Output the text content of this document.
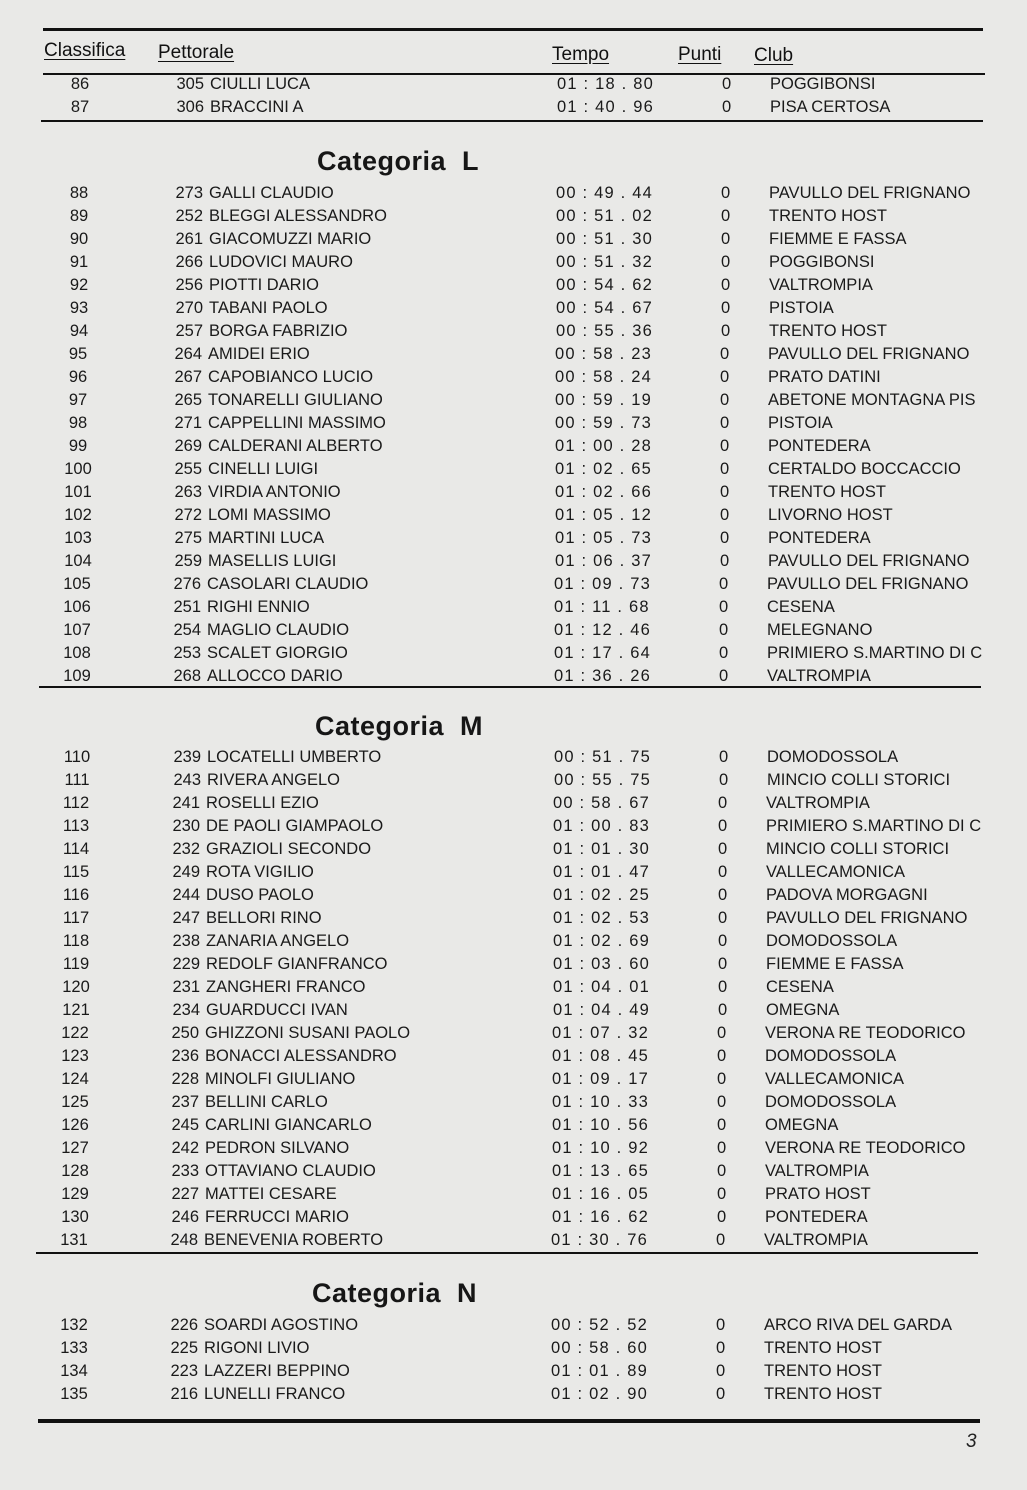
Classifica Pettorale	Tempo	Punti Club
86	305 CIULLI LUCA	01 : 18 . 80	0 POGGIBONSI
87	306 BRACCINI A	01 : 40 . 96	0 PISA CERTOSA
Categoria  L
88	273 GALLI CLAUDIO	00 : 49 . 44	0 PAVULLO DEL FRIGNANO
89	252 BLEGGI ALESSANDRO	00 : 51 . 02	0 TRENTO HOST
90	261 GIACOMUZZI MARIO	00 : 51 . 30	0 FIEMME E FASSA
91	266 LUDOVICI MAURO	00 : 51 . 32	0 POGGIBONSI
92	256 PIOTTI DARIO	00 : 54 . 62	0 VALTROMPIA
93	270 TABANI PAOLO	00 : 54 . 67	0 PISTOIA
94	257 BORGA FABRIZIO	00 : 55 . 36	0 TRENTO HOST
95	264 AMIDEI ERIO	00 : 58 . 23	0 PAVULLO DEL FRIGNANO
96	267 CAPOBIANCO LUCIO	00 : 58 . 24	0 PRATO DATINI
97	265 TONARELLI GIULIANO	00 : 59 . 19	0 ABETONE MONTAGNA PIS
98	271 CAPPELLINI MASSIMO	00 : 59 . 73	0 PISTOIA
99	269 CALDERANI ALBERTO	01 : 00 . 28	0 PONTEDERA
100	255 CINELLI LUIGI	01 : 02 . 65	0 CERTALDO BOCCACCIO
101	263 VIRDIA ANTONIO	01 : 02 . 66	0 TRENTO HOST
102	272 LOMI MASSIMO	01 : 05 . 12	0 LIVORNO HOST
103	275 MARTINI LUCA	01 : 05 . 73	0 PONTEDERA
104	259 MASELLIS LUIGI	01 : 06 . 37	0 PAVULLO DEL FRIGNANO
105	276 CASOLARI CLAUDIO	01 : 09 . 73	0 PAVULLO DEL FRIGNANO
106	251 RIGHI ENNIO	01 : 11 . 68	0 CESENA
107	254 MAGLIO CLAUDIO	01 : 12 . 46	0 MELEGNANO
108	253 SCALET GIORGIO	01 : 17 . 64	0 PRIMIERO S.MARTINO DI C
109	268 ALLOCCO DARIO	01 : 36 . 26	0 VALTROMPIA
Categoria  M
110	239 LOCATELLI UMBERTO	00 : 51 . 75	0 DOMODOSSOLA
111	243 RIVERA ANGELO	00 : 55 . 75	0 MINCIO COLLI STORICI
112	241 ROSELLI EZIO	00 : 58 . 67	0 VALTROMPIA
113	230 DE PAOLI GIAMPAOLO	01 : 00 . 83	0 PRIMIERO S.MARTINO DI C
114	232 GRAZIOLI SECONDO	01 : 01 . 30	0 MINCIO COLLI STORICI
115	249 ROTA VIGILIO	01 : 01 . 47	0 VALLECAMONICA
116	244 DUSO PAOLO	01 : 02 . 25	0 PADOVA MORGAGNI
117	247 BELLORI RINO	01 : 02 . 53	0 PAVULLO DEL FRIGNANO
118	238 ZANARIA ANGELO	01 : 02 . 69	0 DOMODOSSOLA
119	229 REDOLF GIANFRANCO	01 : 03 . 60	0 FIEMME E FASSA
120	231 ZANGHERI FRANCO	01 : 04 . 01	0 CESENA
121	234 GUARDUCCI IVAN	01 : 04 . 49	0 OMEGNA
122	250 GHIZZONI SUSANI PAOLO	01 : 07 . 32	0 VERONA RE TEODORICO
123	236 BONACCI ALESSANDRO	01 : 08 . 45	0 DOMODOSSOLA
124	228 MINOLFI GIULIANO	01 : 09 . 17	0 VALLECAMONICA
125	237 BELLINI CARLO	01 : 10 . 33	0 DOMODOSSOLA
126	245 CARLINI GIANCARLO	01 : 10 . 56	0 OMEGNA
127	242 PEDRON SILVANO	01 : 10 . 92	0 VERONA RE TEODORICO
128	233 OTTAVIANO CLAUDIO	01 : 13 . 65	0 VALTROMPIA
129	227 MATTEI CESARE	01 : 16 . 05	0 PRATO HOST
130	246 FERRUCCI MARIO	01 : 16 . 62	0 PONTEDERA
131	248 BENEVENIA ROBERTO	01 : 30 . 76	0 VALTROMPIA
Categoria  N
132	226 SOARDI AGOSTINO	00 : 52 . 52	0 ARCO RIVA DEL GARDA
133	225 RIGONI LIVIO	00 : 58 . 60	0 TRENTO HOST
134	223 LAZZERI BEPPINO	01 : 01 . 89	0 TRENTO HOST
135	216 LUNELLI FRANCO	01 : 02 . 90	0 TRENTO HOST
3
